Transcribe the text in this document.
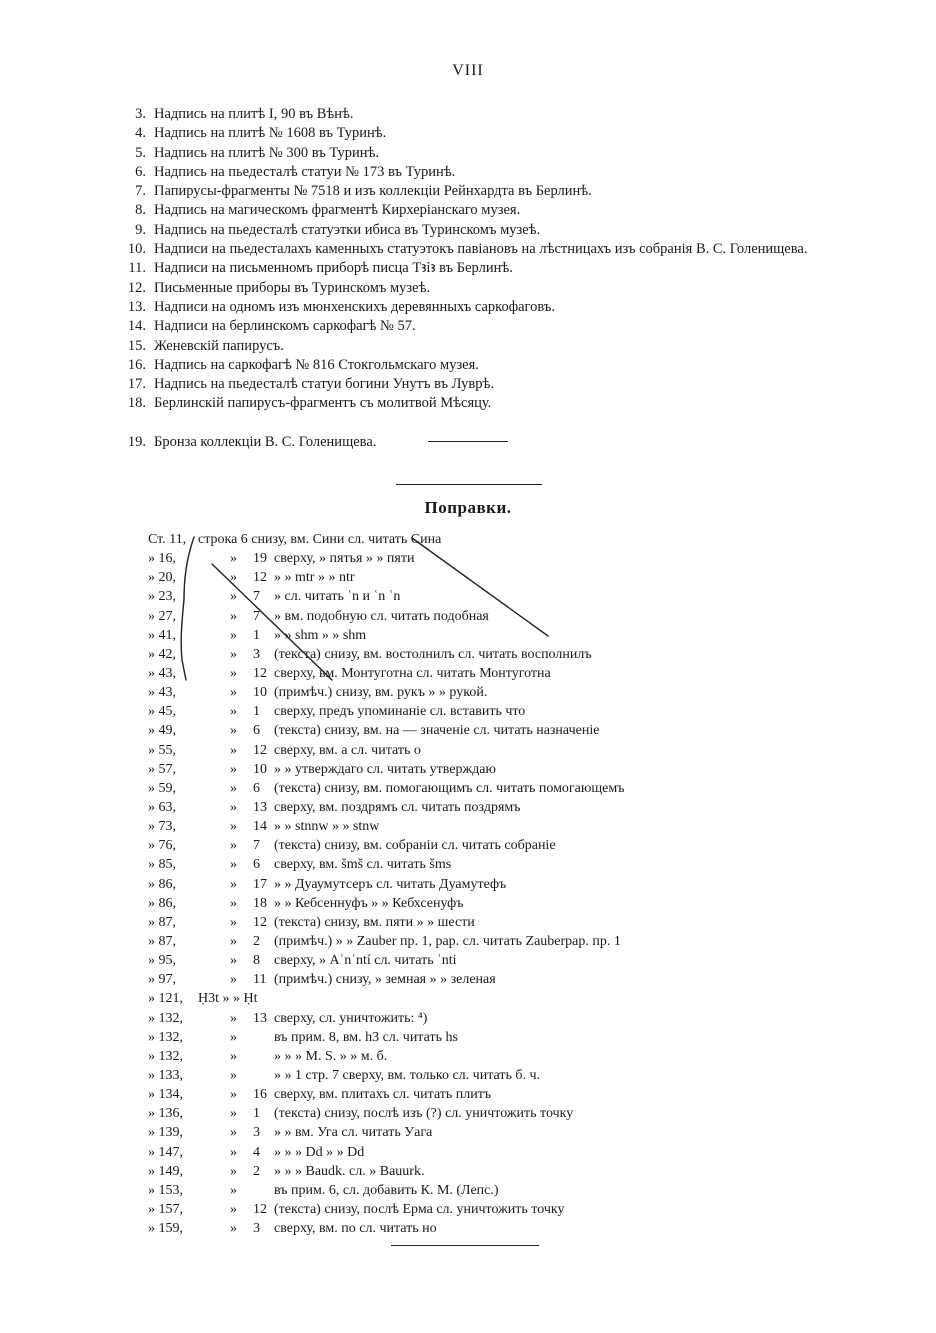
VIII
3. Надпись на плитѣ I, 90 въ Вѣнѣ.
4. Надпись на плитѣ № 1608 въ Туринѣ.
5. Надпись на плитѣ № 300 въ Туринѣ.
6. Надпись на пьедесталѣ статуи № 173 въ Туринѣ.
7. Папирусы-фрагменты № 7518 и изъ коллекціи Рейнхардта въ Берлинѣ.
8. Надпись на магическомъ фрагментѣ Кирхеріанскаго музея.
9. Надпись на пьедесталѣ статуэтки ибиса въ Туринскомъ музеѣ.
10. Надписи на пьедесталахъ каменныхъ статуэтокъ павіановъ на лѣстницахъ изъ собранія В. С. Голенищева.
11. Надписи на письменномъ приборѣ писца Tꜣỉꜣ въ Берлинѣ.
12. Письменные приборы въ Туринскомъ музеѣ.
13. Надписи на одномъ изъ мюнхенскихъ деревянныхъ саркофаговъ.
14. Надписи на берлинскомъ саркофагѣ № 57.
15. Женевскій папирусъ.
16. Надпись на саркофагѣ № 816 Стокгольмскаго музея.
17. Надпись на пьедесталѣ статуи богини Унутъ въ Луврѣ.
18. Берлинскій папирусъ-фрагментъ съ молитвой Мѣсяцу.
19. Бронза коллекціи В. С. Голенищева.
Поправки.
Ст. 11, строка 6 снизу, вм. Сини сл. читать Сина
» 16,	» 19 сверху, » пятья » » пяти
» 20,	» 12 » » mtr » » ntr
» 23,	» 7 » сл. читать ʿn и ʿn ʿn
» 27,	» 7 » вм. подобную сл. читать подобная
» 41,	» 1 » » shm » » shm
» 42,	» 3 (текста) снизу, вм. востолнилъ сл. читать восполнилъ
» 43,	» 12 сверху, вм. Монтуготна сл. читать Монтуготна
» 43,	» 10 (примѣч.) снизу, вм. рукъ » » рукой.
» 45,	» 1 сверху, предъ упоминаніе сл. вставить что
» 49,	» 6 (текста) снизу, вм. на — значеніе сл. читать назначеніе
» 55,	» 12 сверху, вм. а сл. читать о
» 57,	» 10 » » утверждаго сл. читать утверждаю
» 59,	» 6 (текста) снизу, вм. помогающимъ сл. читать помогающемъ
» 63,	» 13 сверху, вм. поздрямъ сл. читать поздрямъ
» 73,	» 14 » » stnnw » » stnw
» 76,	» 7 (текста) снизу, вм. собраніи сл. читать собраніе
» 85,	» 6 сверху, вм. šmš сл. читать šms
» 86,	» 17 » » Дуаумутсеръ сл. читать Дуамутефъ
» 86,	» 18 » » Кебсеннуфъ » » Кебхсенуфъ
» 87,	» 12 (текста) снизу, вм. пяти » » шести
» 87,	» 2 (примѣч.) » » Zauber пр. 1, рар. сл. читать Zauberpap. пр. 1
» 95,	» 8 сверху, » Aʿnʿntí сл. читать ʿnti
» 97,	» 11 (примѣч.) снизу, » земная » » зеленая
» 121, Ḥ3t » » Ḥt
» 132,	» 13 сверху, сл. уничтожить: ⁴)
» 132,	»	въ прим. 8, вм. h3 сл. читать hs
» 132,	»	» » » M. S. » » м. б.
» 133,	»	» » 1 стр. 7 сверху, вм. только сл. читать б. ч.
» 134,	» 16 сверху, вм. плитахъ сл. читать плитъ
» 136,	» 1 (текста) снизу, послѣ изъ (?) сл. уничтожить точку
» 139,	» 3 » » вм. Уга сл. читать Уага
» 147,	» 4 » » » Dd » » Dd
» 149,	» 2 » » » Baudk. сл. » Bauurk.
» 153,	»	въ прим. 6, сл. добавить К. М. (Лепс.)
» 157,	» 12 (текста) снизу, послѣ Ерма сл. уничтожить точку
» 159,	» 3 сверху, вм. по сл. читать но
